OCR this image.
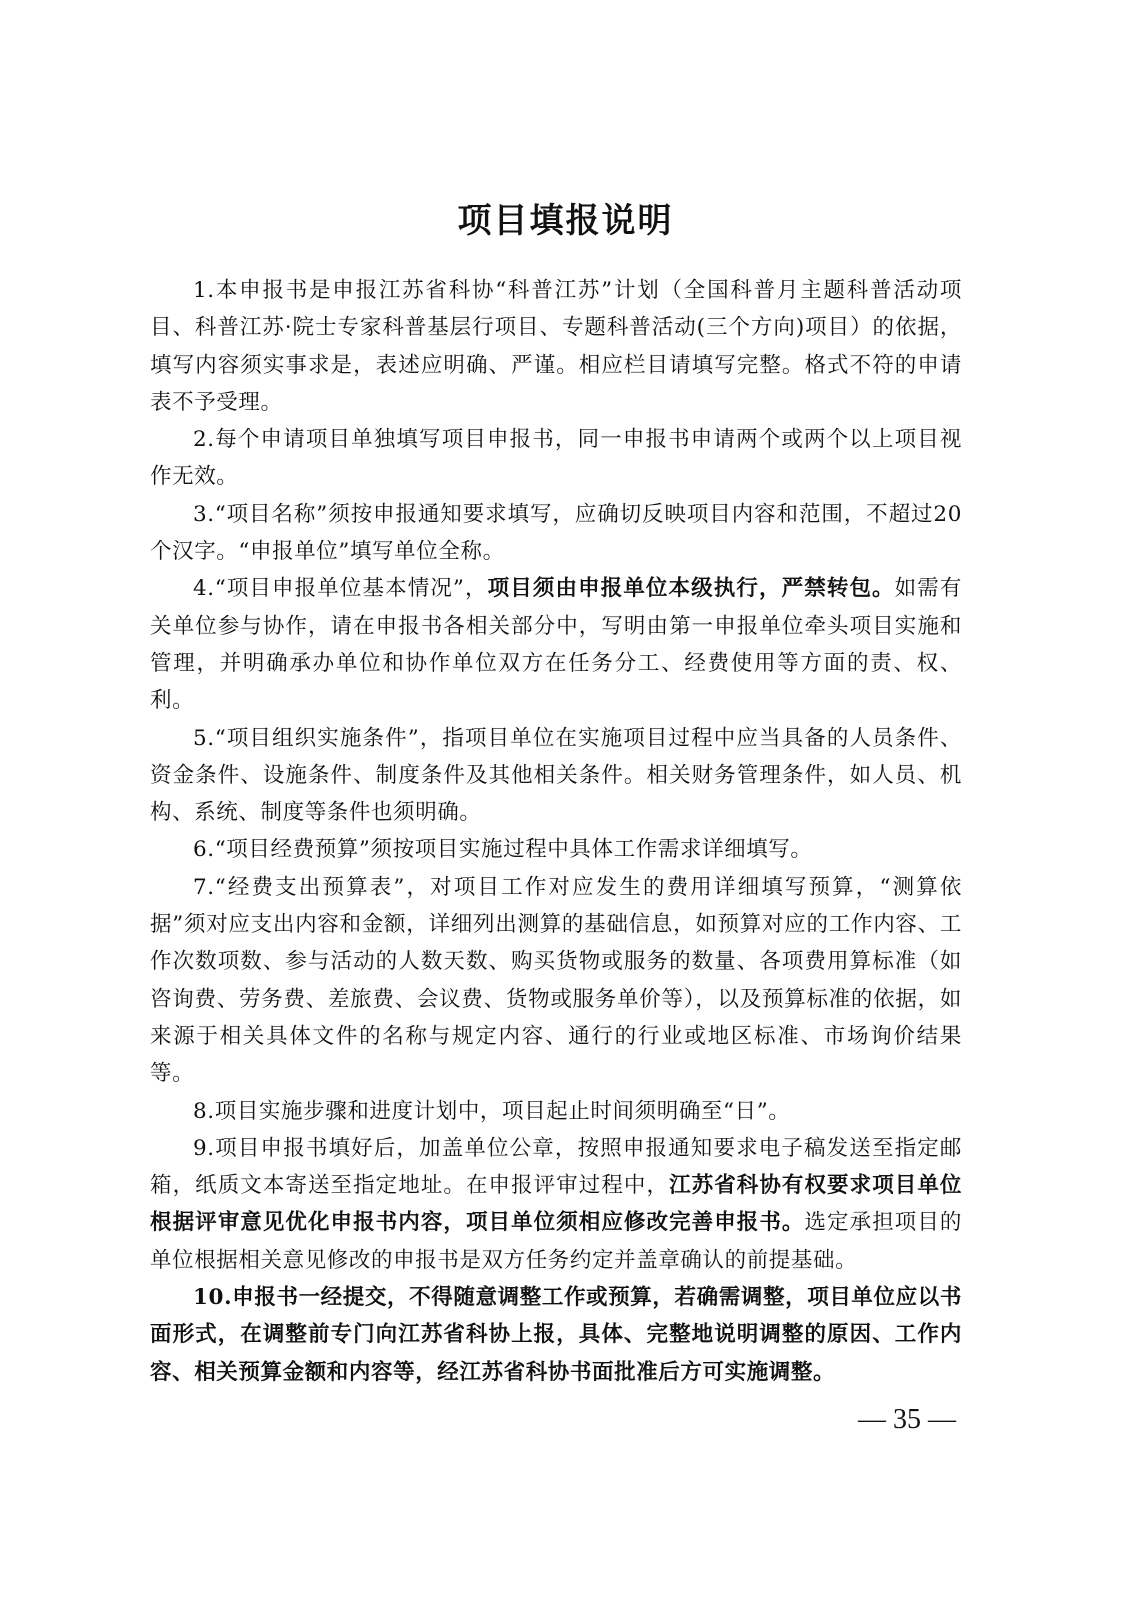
项目填报说明

1.本申报书是申报江苏省科协“科普江苏”计划（全国科普月主题科普活动项目、科普江苏·院士专家科普基层行项目、专题科普活动(三个方向)项目）的依据，填写内容须实事求是，表述应明确、严谨。相应栏目请填写完整。格式不符的申请表不予受理。

2.每个申请项目单独填写项目申报书，同一申报书申请两个或两个以上项目视作无效。

3.“项目名称”须按申报通知要求填写，应确切反映项目内容和范围，不超过20个汉字。“申报单位”填写单位全称。

4.“项目申报单位基本情况”，项目须由申报单位本级执行，严禁转包。如需有关单位参与协作，请在申报书各相关部分中，写明由第一申报单位牵头项目实施和管理，并明确承办单位和协作单位双方在任务分工、经费使用等方面的责、权、利。

5.“项目组织实施条件”，指项目单位在实施项目过程中应当具备的人员条件、资金条件、设施条件、制度条件及其他相关条件。相关财务管理条件，如人员、机构、系统、制度等条件也须明确。

6.“项目经费预算”须按项目实施过程中具体工作需求详细填写。

7.“经费支出预算表”，对项目工作对应发生的费用详细填写预算，“测算依据”须对应支出内容和金额，详细列出测算的基础信息，如预算对应的工作内容、工作次数项数、参与活动的人数天数、购买货物或服务的数量、各项费用算标准（如咨询费、劳务费、差旅费、会议费、货物或服务单价等），以及预算标准的依据，如来源于相关具体文件的名称与规定内容、通行的行业或地区标准、市场询价结果等。

8.项目实施步骤和进度计划中，项目起止时间须明确至“日”。

9.项目申报书填好后，加盖单位公章，按照申报通知要求电子稿发送至指定邮箱，纸质文本寄送至指定地址。在申报评审过程中，江苏省科协有权要求项目单位根据评审意见优化申报书内容，项目单位须相应修改完善申报书。选定承担项目的单位根据相关意见修改的申报书是双方任务约定并盖章确认的前提基础。

10.申报书一经提交，不得随意调整工作或预算，若确需调整，项目单位应以书面形式，在调整前专门向江苏省科协上报，具体、完整地说明调整的原因、工作内容、相关预算金额和内容等，经江苏省科协书面批准后方可实施调整。

— 35 —
